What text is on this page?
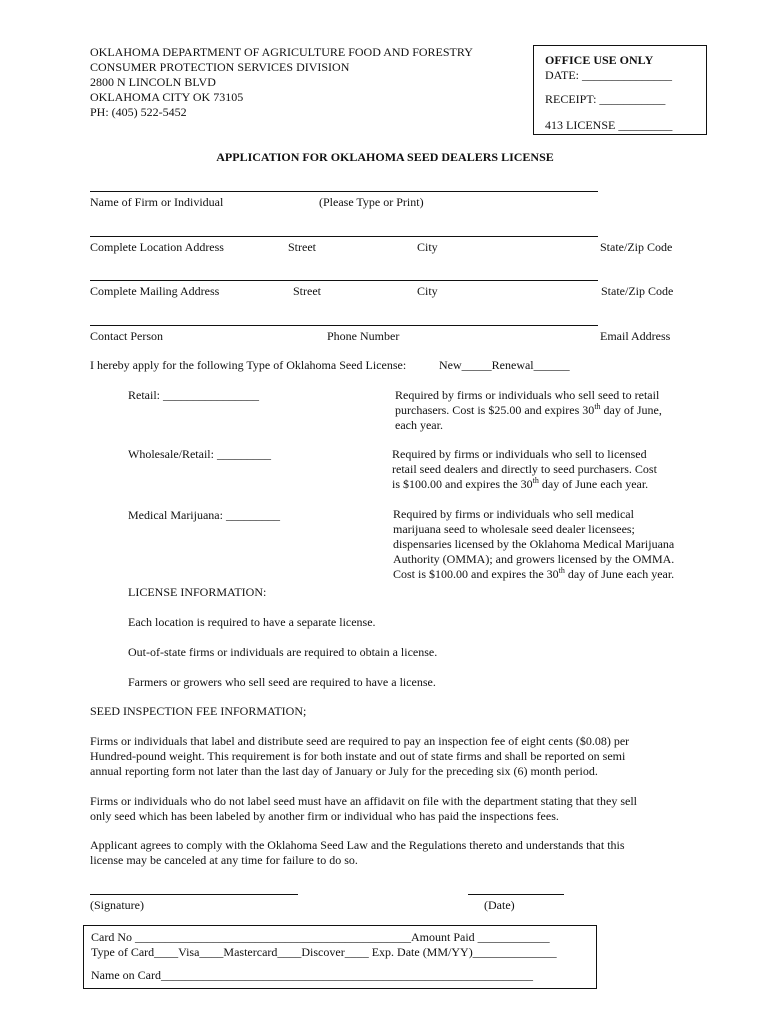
OKLAHOMA DEPARTMENT OF AGRICULTURE FOOD AND FORESTRY
CONSUMER PROTECTION SERVICES DIVISION
2800 N LINCOLN BLVD
OKLAHOMA CITY OK 73105
PH: (405) 522-5452
OFFICE USE ONLY
DATE: _______________
RECEIPT: ___________
413 LICENSE _________
APPLICATION FOR OKLAHOMA SEED DEALERS LICENSE
Name of Firm or Individual	(Please Type or Print)
Complete Location Address	Street	City	State/Zip Code
Complete Mailing Address	Street	City	State/Zip Code
Contact Person	Phone Number	Email Address
I hereby apply for the following Type of Oklahoma Seed License:	New_____Renewal______
Retail: ________________	Required by firms or individuals who sell seed to retail
purchasers. Cost is $25.00 and expires 30th day of June,
each year.
Wholesale/Retail: _________	Required by firms or individuals who sell to licensed
retail seed dealers and directly to seed purchasers. Cost
is $100.00 and expires the 30th day of June each year.
Medical Marijuana: _________	Required by firms or individuals who sell medical
marijuana seed to wholesale seed dealer licensees;
dispensaries licensed by the Oklahoma Medical Marijuana
Authority (OMMA); and growers licensed by the OMMA.
Cost is $100.00 and expires the 30th day of June each year.
LICENSE INFORMATION:
Each location is required to have a separate license.
Out-of-state firms or individuals are required to obtain a license.
Farmers or growers who sell seed are required to have a license.
SEED INSPECTION FEE INFORMATION;
Firms or individuals that label and distribute seed are required to pay an inspection fee of eight cents ($0.08) per
Hundred-pound weight. This requirement is for both instate and out of state firms and shall be reported on semi
annual reporting form not later than the last day of January or July for the preceding six (6) month period.
Firms or individuals who do not label seed must have an affidavit on file with the department stating that they sell
only seed which has been labeled by another firm or individual who has paid the inspections fees.
Applicant agrees to comply with the Oklahoma Seed Law and the Regulations thereto and understands that this
license may be canceled at any time for failure to do so.
(Signature)	(Date)
Card No ______________________________________________Amount Paid ____________
Type of Card____Visa____Mastercard____Discover____ Exp. Date (MM/YY)______________
Name on Card______________________________________________________________
